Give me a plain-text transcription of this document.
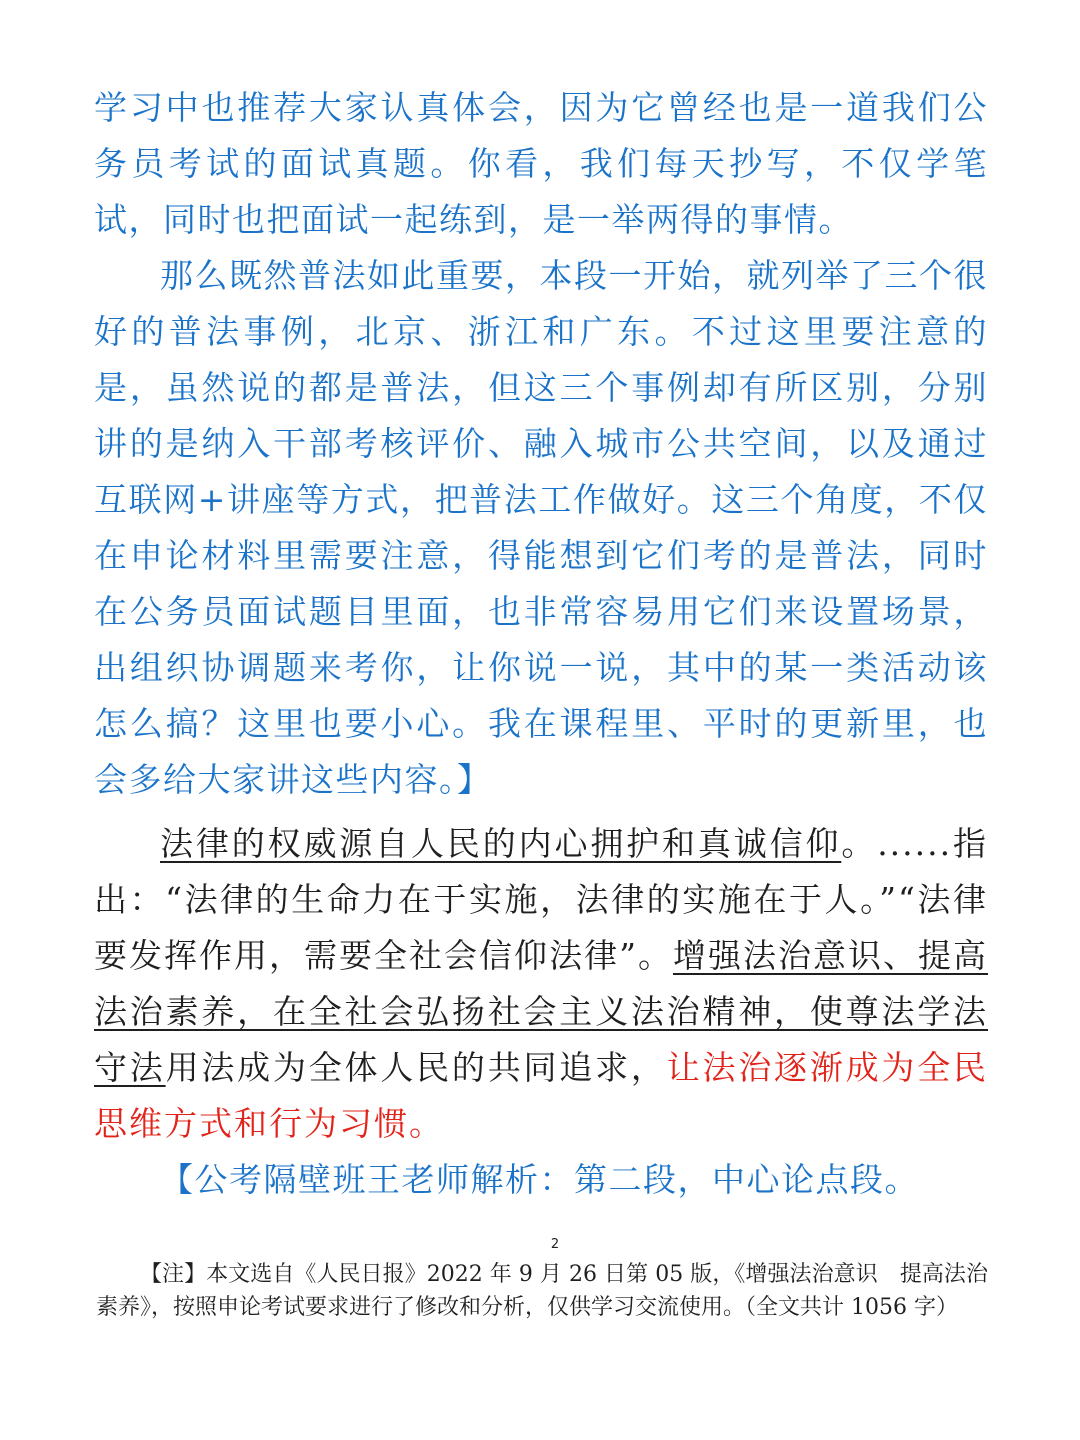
学习中也推荐大家认真体会，因为它曾经也是一道我们公务员考试的面试真题。你看，我们每天抄写，不仅学笔试，同时也把面试一起练到，是一举两得的事情。

那么既然普法如此重要，本段一开始，就列举了三个很好的普法事例，北京、浙江和广东。不过这里要注意的是，虽然说的都是普法，但这三个事例却有所区别，分别讲的是纳入干部考核评价、融入城市公共空间，以及通过互联网+讲座等方式，把普法工作做好。这三个角度，不仅在申论材料里需要注意，得能想到它们考的是普法，同时在公务员面试题目里面，也非常容易用它们来设置场景，出组织协调题来考你，让你说一说，其中的某一类活动该怎么搞？这里也要小心。我在课程里、平时的更新里，也会多给大家讲这些内容。】

法律的权威源自人民的内心拥护和真诚信仰。......指出：“法律的生命力在于实施，法律的实施在于人。”“法律要发挥作用，需要全社会信仰法律”。增强法治意识、提高法治素养，在全社会弘扬社会主义法治精神，使尊法学法守法用法成为全体人民的共同追求，让法治逐渐成为全民思维方式和行为习惯。

【公考隔壁班王老师解析：第二段，中心论点段。

2

【注】本文选自《人民日报》2022 年 9 月 26 日第 05 版，《增强法治意识　提高法治素养》，按照申论考试要求进行了修改和分析，仅供学习交流使用。（全文共计 1056 字）
